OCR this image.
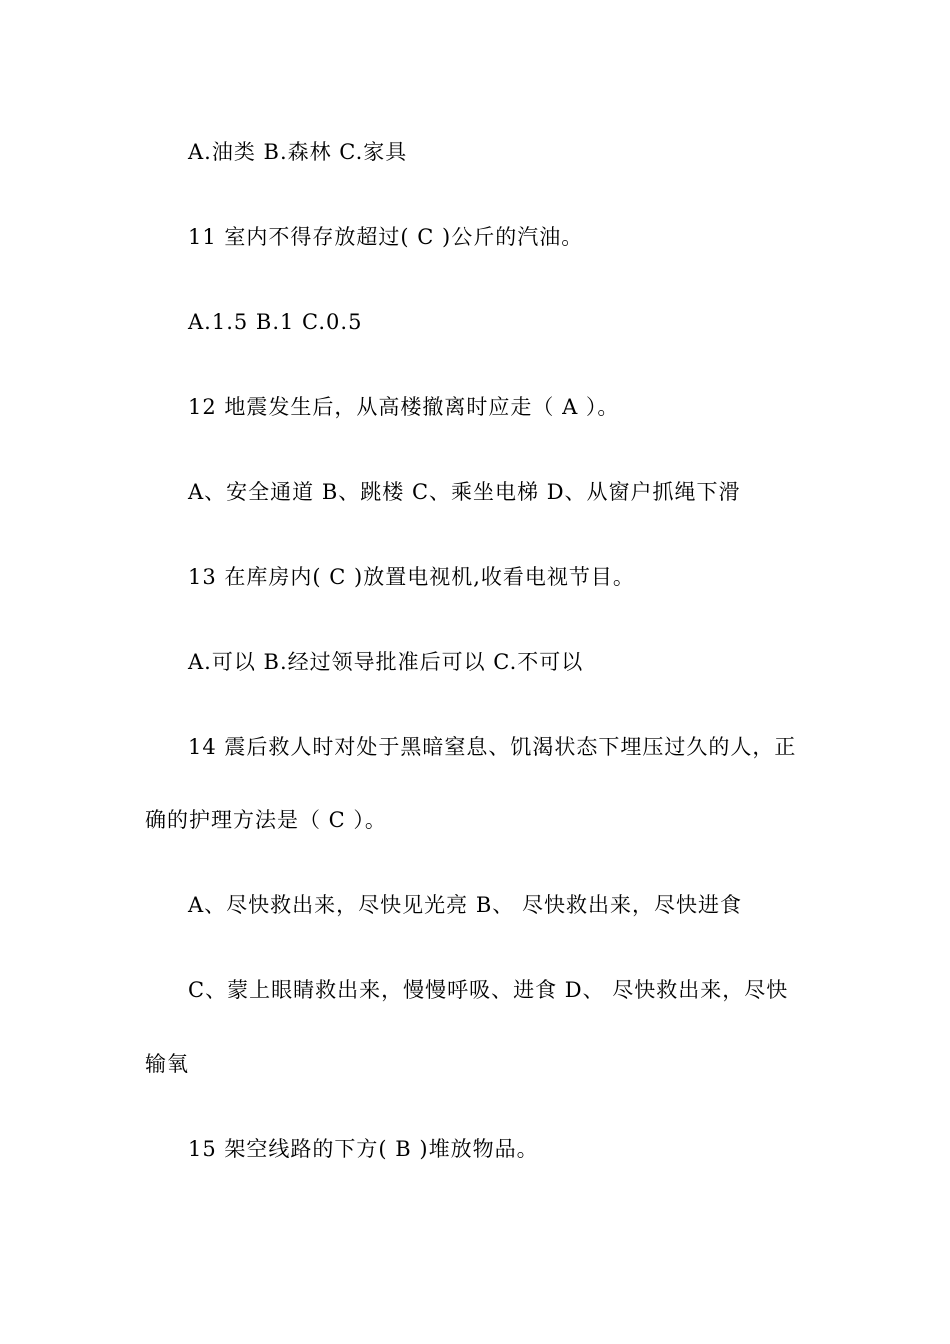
A.油类 B.森林 C.家具
11 室内不得存放超过( C )公斤的汽油。
A.1.5 B.1 C.0.5
12 地震发生后，从高楼撤离时应走（ A ）。
A、安全通道 B、跳楼 C、乘坐电梯 D、从窗户抓绳下滑
13 在库房内( C )放置电视机,收看电视节目。
A.可以 B.经过领导批准后可以 C.不可以
14 震后救人时对处于黑暗窒息、饥渴状态下埋压过久的人，正
确的护理方法是（ C ）。
A、尽快救出来，尽快见光亮 B、 尽快救出来，尽快进食
C、蒙上眼睛救出来，慢慢呼吸、进食 D、 尽快救出来，尽快
输氧
15 架空线路的下方( B )堆放物品。
